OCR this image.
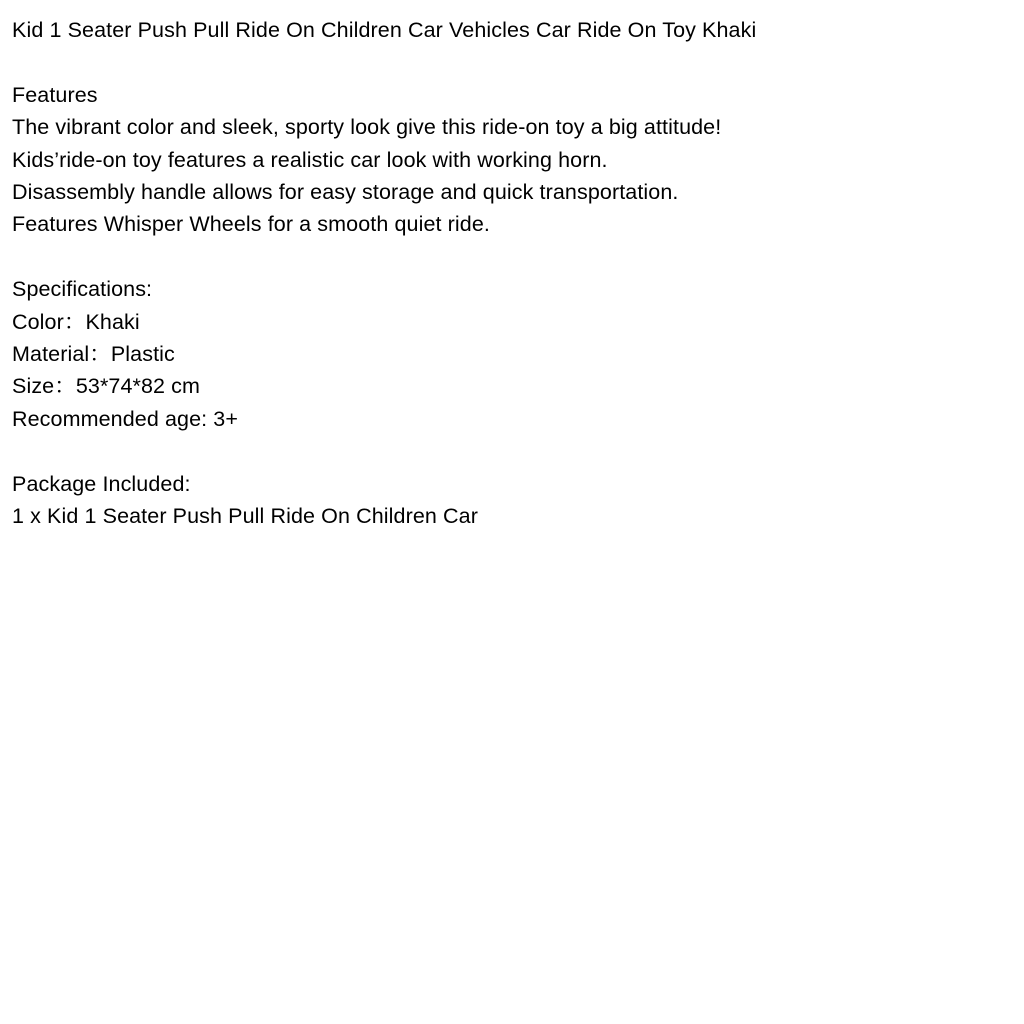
Kid 1 Seater Push Pull Ride On Children Car Vehicles Car Ride On Toy Khaki
Features
The vibrant color and sleek, sporty look give this ride-on toy a big attitude!
Kids’ride-on toy features a realistic car look with working horn.
Disassembly handle allows for easy storage and quick transportation.
Features Whisper Wheels for a smooth quiet ride.
Specifications:
Color：Khaki
Material：Plastic
Size：53*74*82 cm
Recommended age: 3+
Package Included:
1 x Kid 1 Seater Push Pull Ride On Children Car
